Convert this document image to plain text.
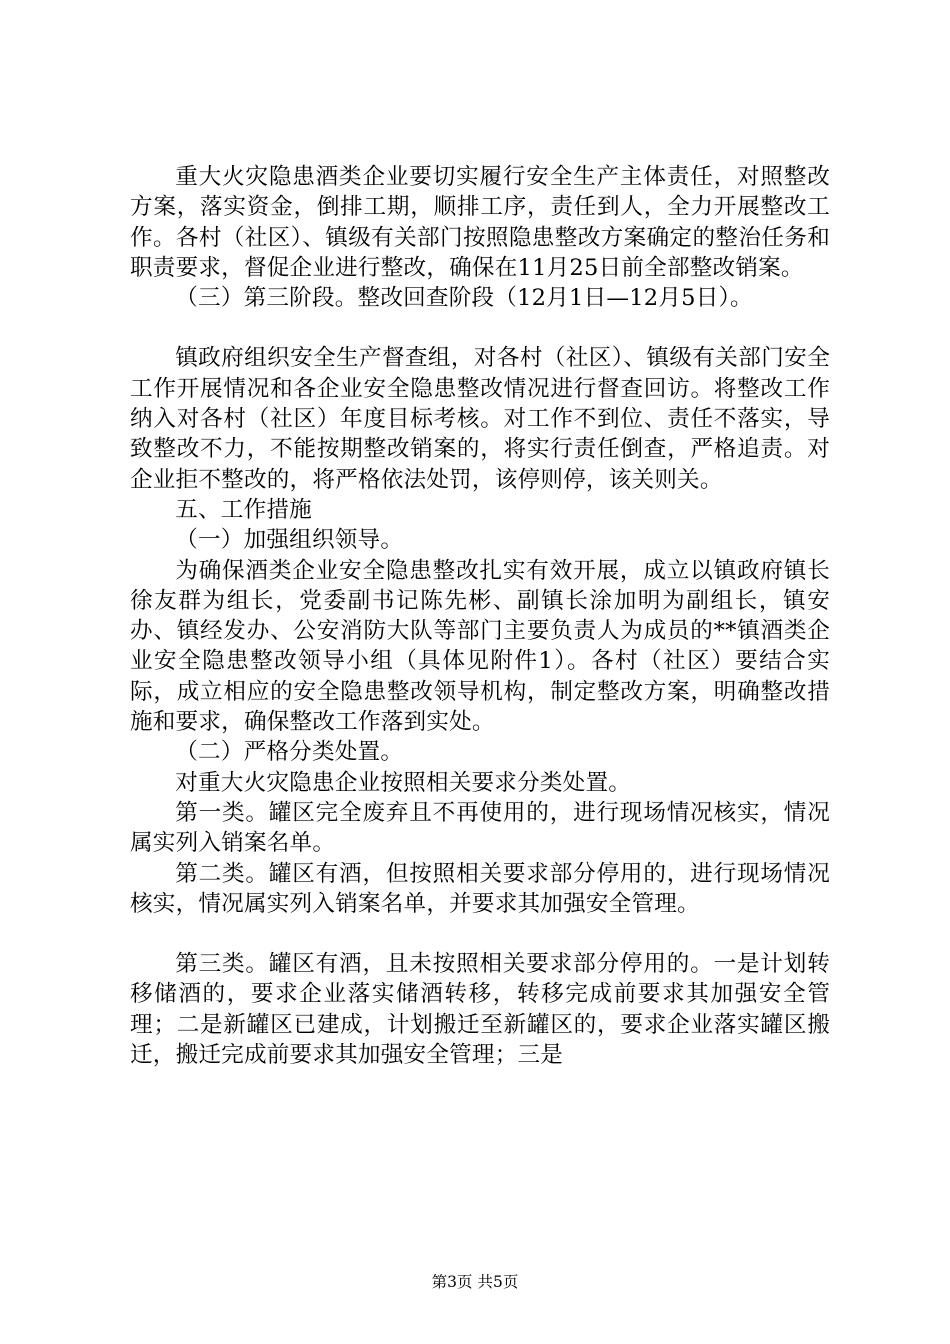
重大火灾隐患酒类企业要切实履行安全生产主体责任，对照整改方案，落实资金，倒排工期，顺排工序，责任到人，全力开展整改工作。各村（社区）、镇级有关部门按照隐患整改方案确定的整治任务和职责要求，督促企业进行整改，确保在11月25日前全部整改销案。

（三）第三阶段。整改回查阶段（12月1日—12月5日）。

镇政府组织安全生产督查组，对各村（社区）、镇级有关部门安全工作开展情况和各企业安全隐患整改情况进行督查回访。将整改工作纳入对各村（社区）年度目标考核。对工作不到位、责任不落实，导致整改不力，不能按期整改销案的，将实行责任倒查，严格追责。对企业拒不整改的，将严格依法处罚，该停则停，该关则关。

五、工作措施

（一）加强组织领导。

为确保酒类企业安全隐患整改扎实有效开展，成立以镇政府镇长徐友群为组长，党委副书记陈先彬、副镇长涂加明为副组长，镇安办、镇经发办、公安消防大队等部门主要负责人为成员的**镇酒类企业安全隐患整改领导小组（具体见附件1）。各村（社区）要结合实际，成立相应的安全隐患整改领导机构，制定整改方案，明确整改措施和要求，确保整改工作落到实处。

（二）严格分类处置。

对重大火灾隐患企业按照相关要求分类处置。

第一类。罐区完全废弃且不再使用的，进行现场情况核实，情况属实列入销案名单。

第二类。罐区有酒，但按照相关要求部分停用的，进行现场情况核实，情况属实列入销案名单，并要求其加强安全管理。

第三类。罐区有酒，且未按照相关要求部分停用的。一是计划转移储酒的，要求企业落实储酒转移，转移完成前要求其加强安全管理；二是新罐区已建成，计划搬迁至新罐区的，要求企业落实罐区搬迁，搬迁完成前要求其加强安全管理；三是

第3页 共5页
